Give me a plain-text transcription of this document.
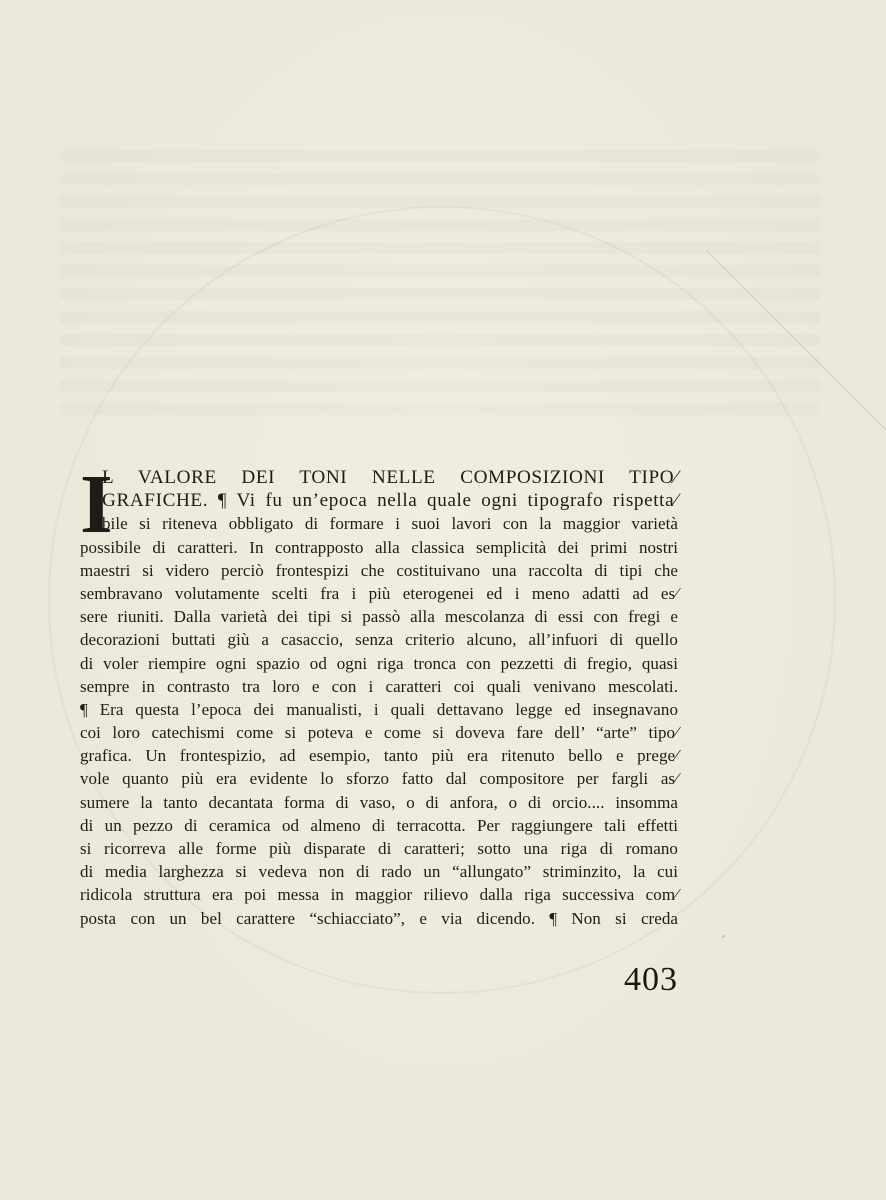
I
L VALORE DEI TONI NELLE COMPOSIZIONI TIPO⁄
GRAFICHE. ¶ Vi fu un’epoca nella quale ogni tipografo rispetta⁄
bile si riteneva obbligato di formare i suoi lavori con la maggior varietà
possibile di caratteri. In contrapposto alla classica semplicità dei primi nostri
maestri si videro perciò frontespizi che costituivano una raccolta di tipi che
sembravano volutamente scelti fra i più eterogenei ed i meno adatti ad es⁄
sere riuniti. Dalla varietà dei tipi si passò alla mescolanza di essi con fregi e
decorazioni buttati giù a casaccio, senza criterio alcuno, all’infuori di quello
di voler riempire ogni spazio od ogni riga tronca con pezzetti di fregio, quasi
sempre in contrasto tra loro e con i caratteri coi quali venivano mescolati.
¶ Era questa l’epoca dei manualisti, i quali dettavano legge ed insegnavano
coi loro catechismi come si poteva e come si doveva fare dell’ “arte” tipo⁄
grafica. Un frontespizio, ad esempio, tanto più era ritenuto bello e prege⁄
vole quanto più era evidente lo sforzo fatto dal compositore per fargli as⁄
sumere la tanto decantata forma di vaso, o di anfora, o di orcio.... insomma
di un pezzo di ceramica od almeno di terracotta. Per raggiungere tali effetti
si ricorreva alle forme più disparate di caratteri; sotto una riga di romano
di media larghezza si vedeva non di rado un “allungato” striminzito, la cui
ridicola struttura era poi messa in maggior rilievo dalla riga successiva com⁄
posta con un bel carattere “schiacciato”, e via dicendo. ¶ Non si creda
403
